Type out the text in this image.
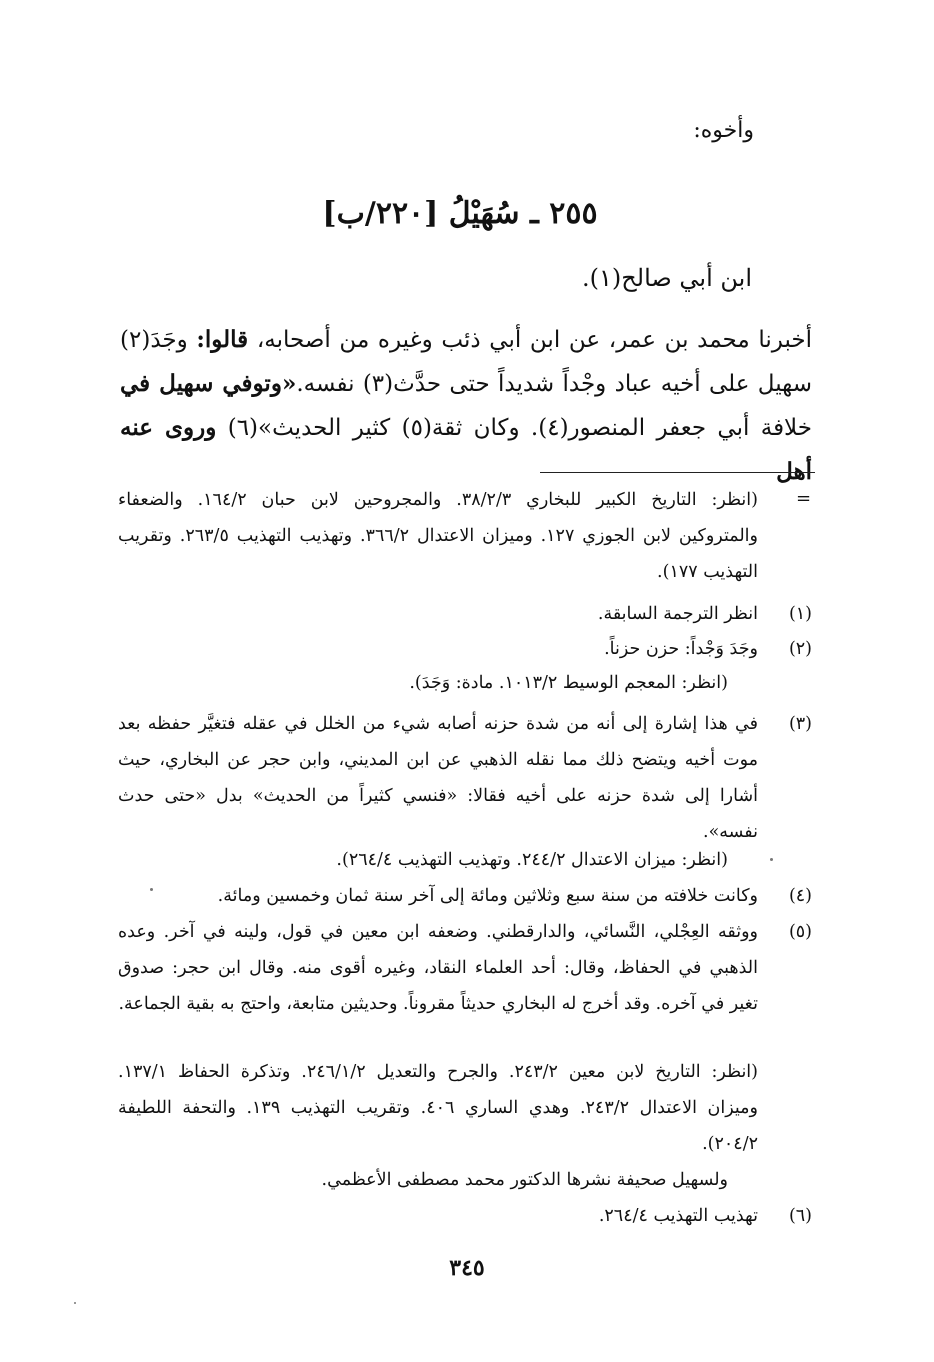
وأخوه:
٢٥٥ ـ سُهَيْلُ [٢٢٠/ب]
ابن أبي صالح(١).
أخبرنا محمد بن عمر، عن ابن أبي ذئب وغيره من أصحابه، قالوا: وجَدَ(٢) سهيل على أخيه عباد وجْداً شديداً حتى حدَّث(٣) نفسه.«وتوفي سهيل في خلافة أبي جعفر المنصور(٤). وكان ثقة(٥) كثير الحديث»(٦) وروى عنه أهل
=
(انظر: التاريخ الكبير للبخاري ٣٨/٢/٣. والمجروحين لابن حبان ١٦٤/٢. والضعفاء والمتروكين لابن الجوزي ١٢٧. وميزان الاعتدال ٣٦٦/٢. وتهذيب التهذيب ٢٦٣/٥. وتقريب التهذيب ١٧٧).
(١)
انظر الترجمة السابقة.
(٢)
وجَدَ وَجْداً: حزن حزناً.
(انظر: المعجم الوسيط ١٠١٣/٢. مادة: وَجَدَ).
(٣)
في هذا إشارة إلى أنه من شدة حزنه أصابه شيء من الخلل في عقله فتغيَّر حفظه بعد موت أخيه ويتضح ذلك مما نقله الذهبي عن ابن المديني، وابن حجر عن البخاري، حيث أشارا إلى شدة حزنه على أخيه فقالا: «فنسي كثيراً من الحديث» بدل «حتى حدث نفسه».
(انظر: ميزان الاعتدال ٢٤٤/٢. وتهذيب التهذيب ٢٦٤/٤).
(٤)
وكانت خلافته من سنة سبع وثلاثين ومائة إلى آخر سنة ثمان وخمسين ومائة.
(٥)
ووثقه العِجْلي، النَّسائي، والدارقطني. وضعفه ابن معين في قول، ولينه في آخر. وعده الذهبي في الحفاظ، وقال: أحد العلماء النقاد، وغيره أقوى منه. وقال ابن حجر: صدوق تغير في آخره. وقد أخرج له البخاري حديثاً مقروناً. وحديثين متابعة، واحتج به بقية الجماعة.
(انظر: التاريخ لابن معين ٢٤٣/٢. والجرح والتعديل ٢٤٦/١/٢. وتذكرة الحفاظ ١٣٧/١. وميزان الاعتدال ٢٤٣/٢. وهدي الساري ٤٠٦. وتقريب التهذيب ١٣٩. والتحفة اللطيفة ٢٠٤/٢).
ولسهيل صحيفة نشرها الدكتور محمد مصطفى الأعظمي.
(٦)
تهذيب التهذيب ٢٦٤/٤.
٣٤٥
